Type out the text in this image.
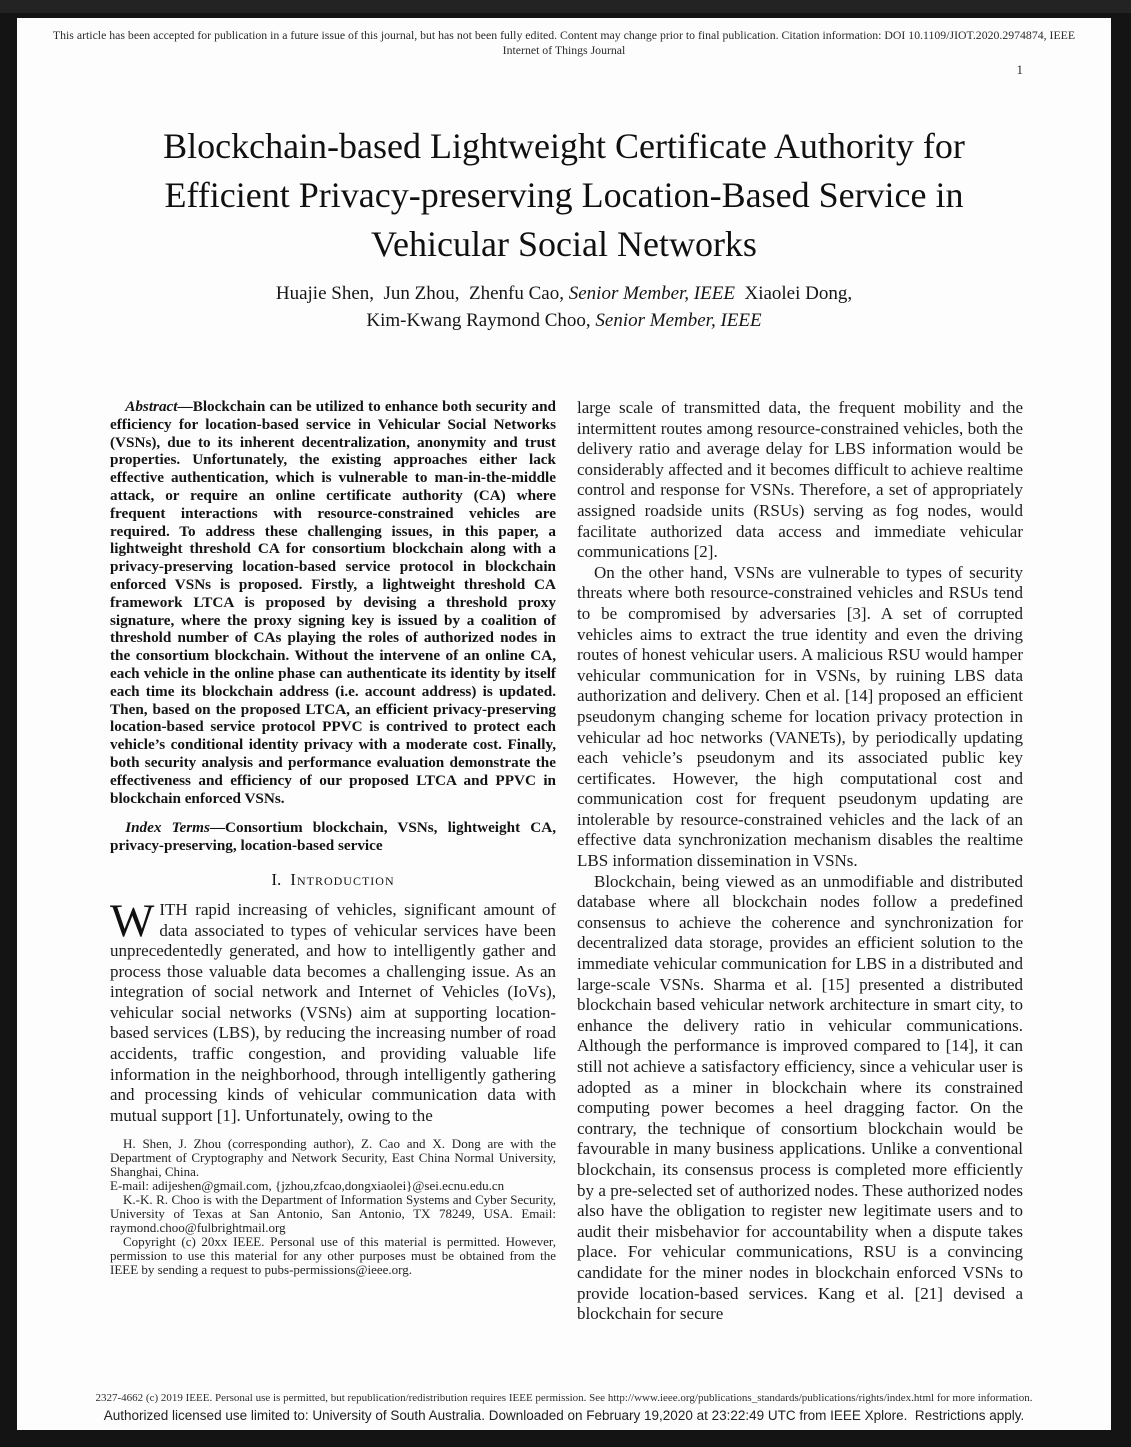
This article has been accepted for publication in a future issue of this journal, but has not been fully edited. Content may change prior to final publication. Citation information: DOI 10.1109/JIOT.2020.2974874, IEEE Internet of Things Journal
1
Blockchain-based Lightweight Certificate Authority for Efficient Privacy-preserving Location-Based Service in Vehicular Social Networks
Huajie Shen,  Jun Zhou,  Zhenfu Cao, Senior Member, IEEE  Xiaolei Dong,
Kim-Kwang Raymond Choo, Senior Member, IEEE

Abstract—Blockchain can be utilized to enhance both security and efficiency for location-based service in Vehicular Social Networks (VSNs), due to its inherent decentralization, anonymity and trust properties. Unfortunately, the existing approaches either lack effective authentication, which is vulnerable to man-in-the-middle attack, or require an online certificate authority (CA) where frequent interactions with resource-constrained vehicles are required. To address these challenging issues, in this paper, a lightweight threshold CA for consortium blockchain along with a privacy-preserving location-based service protocol in blockchain enforced VSNs is proposed. Firstly, a lightweight threshold CA framework LTCA is proposed by devising a threshold proxy signature, where the proxy signing key is issued by a coalition of threshold number of CAs playing the roles of authorized nodes in the consortium blockchain. Without the intervene of an online CA, each vehicle in the online phase can authenticate its identity by itself each time its blockchain address (i.e. account address) is updated. Then, based on the proposed LTCA, an efficient privacy-preserving location-based service protocol PPVC is contrived to protect each vehicle’s conditional identity privacy with a moderate cost. Finally, both security analysis and performance evaluation demonstrate the effectiveness and efficiency of our proposed LTCA and PPVC in blockchain enforced VSNs.

Index Terms—Consortium blockchain, VSNs, lightweight CA, privacy-preserving, location-based service

I. Introduction

WITH rapid increasing of vehicles, significant amount of data associated to types of vehicular services have been unprecedentedly generated, and how to intelligently gather and process those valuable data becomes a challenging issue. As an integration of social network and Internet of Vehicles (IoVs), vehicular social networks (VSNs) aim at supporting location-based services (LBS), by reducing the increasing number of road accidents, traffic congestion, and providing valuable life information in the neighborhood, through intelligently gathering and processing kinds of vehicular communication data with mutual support [1]. Unfortunately, owing to the

H. Shen, J. Zhou (corresponding author), Z. Cao and X. Dong are with the Department of Cryptography and Network Security, East China Normal University, Shanghai, China.

E-mail: adijeshen@gmail.com, {jzhou,zfcao,dongxiaolei}@sei.ecnu.edu.cn

K.-K. R. Choo is with the Department of Information Systems and Cyber Security, University of Texas at San Antonio, San Antonio, TX 78249, USA. Email: raymond.choo@fulbrightmail.org

Copyright (c) 20xx IEEE. Personal use of this material is permitted. However, permission to use this material for any other purposes must be obtained from the IEEE by sending a request to pubs-permissions@ieee.org.

large scale of transmitted data, the frequent mobility and the intermittent routes among resource-constrained vehicles, both the delivery ratio and average delay for LBS information would be considerably affected and it becomes difficult to achieve realtime control and response for VSNs. Therefore, a set of appropriately assigned roadside units (RSUs) serving as fog nodes, would facilitate authorized data access and immediate vehicular communications [2].

On the other hand, VSNs are vulnerable to types of security threats where both resource-constrained vehicles and RSUs tend to be compromised by adversaries [3]. A set of corrupted vehicles aims to extract the true identity and even the driving routes of honest vehicular users. A malicious RSU would hamper vehicular communication for in VSNs, by ruining LBS data authorization and delivery. Chen et al. [14] proposed an efficient pseudonym changing scheme for location privacy protection in vehicular ad hoc networks (VANETs), by periodically updating each vehicle’s pseudonym and its associated public key certificates. However, the high computational cost and communication cost for frequent pseudonym updating are intolerable by resource-constrained vehicles and the lack of an effective data synchronization mechanism disables the realtime LBS information dissemination in VSNs.

Blockchain, being viewed as an unmodifiable and distributed database where all blockchain nodes follow a predefined consensus to achieve the coherence and synchronization for decentralized data storage, provides an efficient solution to the immediate vehicular communication for LBS in a distributed and large-scale VSNs. Sharma et al. [15] presented a distributed blockchain based vehicular network architecture in smart city, to enhance the delivery ratio in vehicular communications. Although the performance is improved compared to [14], it can still not achieve a satisfactory efficiency, since a vehicular user is adopted as a miner in blockchain where its constrained computing power becomes a heel dragging factor. On the contrary, the technique of consortium blockchain would be favourable in many business applications. Unlike a conventional blockchain, its consensus process is completed more efficiently by a pre-selected set of authorized nodes. These authorized nodes also have the obligation to register new legitimate users and to audit their misbehavior for accountability when a dispute takes place. For vehicular communications, RSU is a convincing candidate for the miner nodes in blockchain enforced VSNs to provide location-based services. Kang et al. [21] devised a blockchain for secure

2327-4662 (c) 2019 IEEE. Personal use is permitted, but republication/redistribution requires IEEE permission. See http://www.ieee.org/publications_standards/publications/rights/index.html for more information.
Authorized licensed use limited to: University of South Australia. Downloaded on February 19,2020 at 23:22:49 UTC from IEEE Xplore.  Restrictions apply.
